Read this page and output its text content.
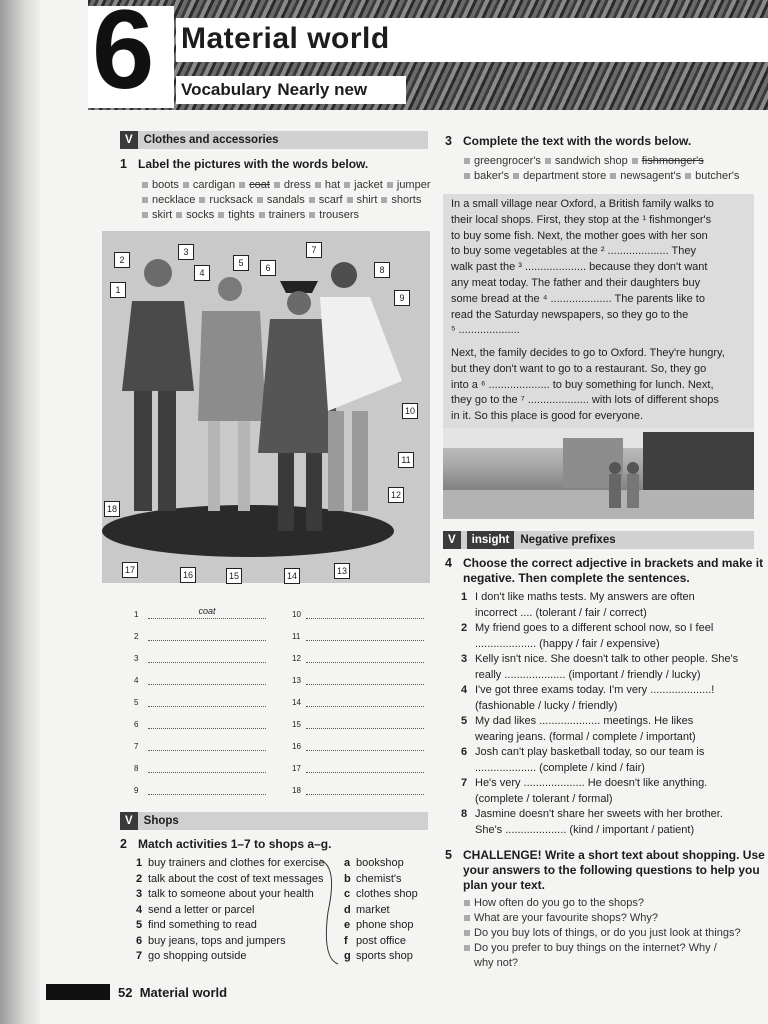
6 Material world
Vocabulary Nearly new
V Clothes and accessories
1 Label the pictures with the words below.
boots cardigan coat dress hat jacket jumper
necklace rucksack sandals scarf shirt shorts
skirt socks tights trainers trousers
1
2
3
4
5	6
7
8
9
10
11
12
13
14
15
16
17
18
1	coat
2
3
4
5
6
7
8
9
10
11
12
13
14
15
16
17
18
V Shops
2 Match activities 1–7 to shops a–g.
1 buy trainers and clothes for exercise
2 talk about the cost of text messages
3 talk to someone about your health
4 send a letter or parcel
5 find something to read
6 buy jeans, tops and jumpers
7 go shopping outside
a bookshop
b chemist's
c clothes shop
d market
e phone shop
f post office
g sports shop
3 Complete the text with the words below.
greengrocer's sandwich shop fishmonger's
baker's department store newsagent's butcher's
In a small village near Oxford, a British family walks to
their local shops. First, they stop at the ¹ fishmonger's
to buy some fish. Next, the mother goes with her son
to buy some vegetables at the ² .................... They
walk past the ³ .................... because they don't want
any meat today. The father and their daughters buy
some bread at the ⁴ .................... The parents like to
read the Saturday newspapers, so they go to the
⁵ ....................
Next, the family decides to go to Oxford. They're hungry,
but they don't want to go to a restaurant. So, they go
into a ⁶ .................... to buy something for lunch. Next,
they go to the ⁷ .................... with lots of different shops
in it. So this place is good for everyone.
V	insight Negative prefixes
4 Choose the correct adjective in brackets and make it
negative. Then complete the sentences.
1 I don't like maths tests. My answers are often
incorrect .... (tolerant / fair / correct)
2 My friend goes to a different school now, so I feel
.................... (happy / fair / expensive)
3 Kelly isn't nice. She doesn't talk to other people. She's
really .................... (important / friendly / lucky)
4 I've got three exams today. I'm very ....................!
(fashionable / lucky / friendly)
5 My dad likes .................... meetings. He likes
wearing jeans. (formal / complete / important)
6 Josh can't play basketball today, so our team is
.................... (complete / kind / fair)
7 He's very .................... He doesn't like anything.
(complete / tolerant / formal)
8 Jasmine doesn't share her sweets with her brother.
She's .................... (kind / important / patient)
5 CHALLENGE! Write a short text about shopping. Use
your answers to the following questions to help you
plan your text.
How often do you go to the shops?
What are your favourite shops? Why?
Do you buy lots of things, or do you just look at things?
Do you prefer to buy things on the internet? Why /
why not?
52 Material world
